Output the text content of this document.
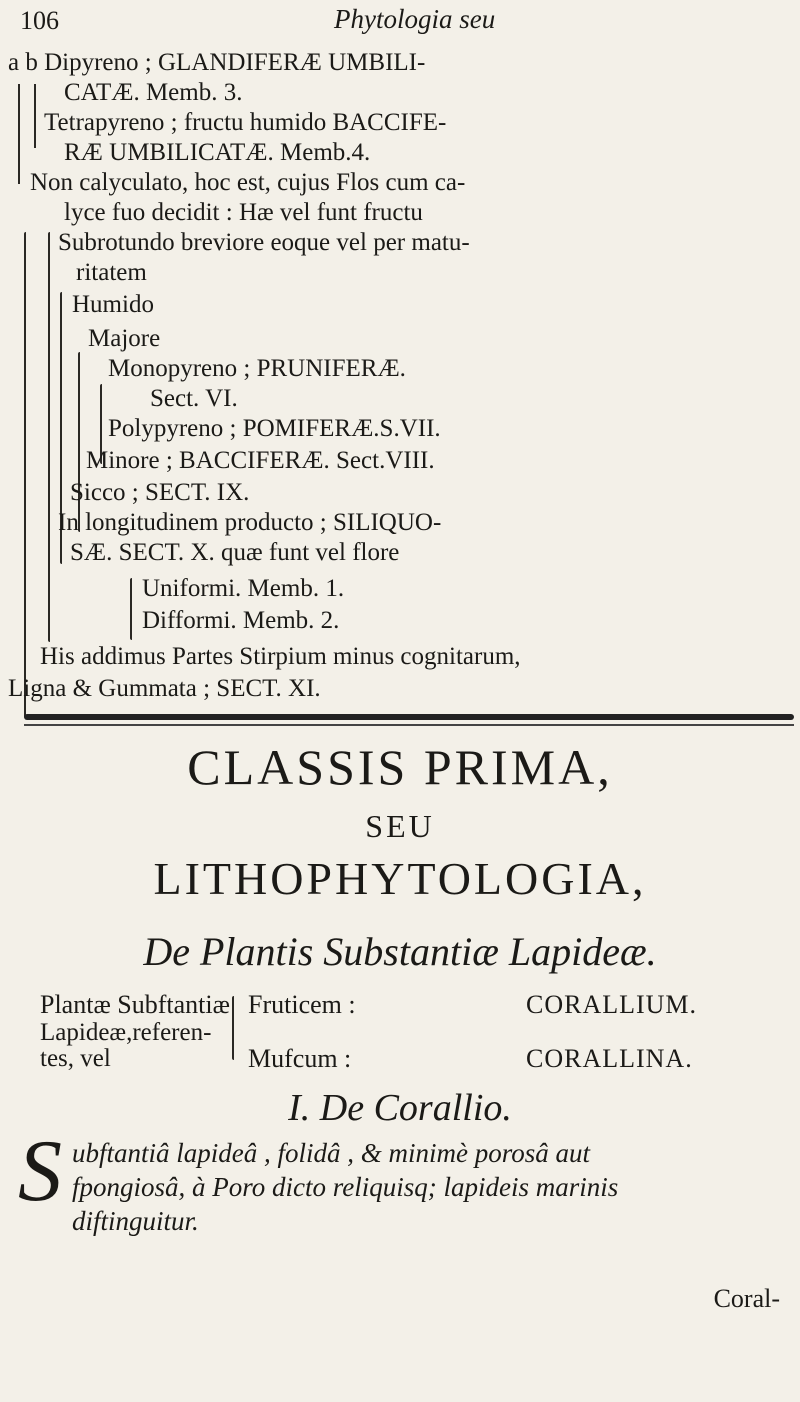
106	Phytologia seu
a b Dipyreno ; GLANDIFERÆ UMBILI-
CATÆ. Memb. 3.
Tetrapyreno ; fructu humido BACCIFE-
RÆ UMBILICATÆ. Memb.4.
Non calyculato, hoc est, cujus Flos cum ca-
lyce fuo decidit : Hæ vel funt fructu
Subrotundo breviore eoque vel per matu-
ritatem
Humido
Majore
Monopyreno ; PRUNIFERÆ.
Sect. VI.
Polypyreno ; POMIFERÆ.S.VII.
Minore ; BACCIFERÆ. Sect.VIII.
Sicco ; SECT. IX.
In longitudinem producto ; SILIQUO-
SÆ. SECT. X. quæ funt vel flore
Uniformi. Memb. 1.
Difformi. Memb. 2.
His addimus Partes Stirpium minus cognitarum,
Ligna & Gummata ; SECT. XI.
CLASSIS PRIMA,
SEU
LITHOPHYTOLOGIA,
De Plantis Substantiæ Lapideæ.
Plantæ Subftantiæ
Lapideæ,referen-
tes, vel
Fruticem :	CORALLIUM.
Mufcum :	CORALLINA.
I. De Corallio.
S ubftantiâ lapideâ , folidâ , & minimè porosâ aut
fpongiosâ, à Poro dicto reliquisq; lapideis marinis
diftinguitur.
Coral-
